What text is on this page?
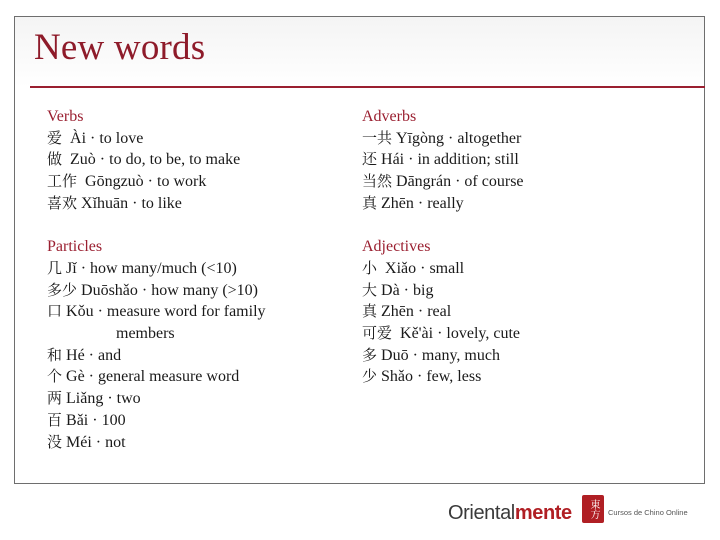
New words
Verbs
爱 Ài · to love
做 Zuò · to do, to be, to make
工作 Gōngzuò · to work
喜欢 Xǐhuān · to like
Particles
几 Jǐ · how many/much (<10)
多少 Duōshǎo · how many (>10)
口 Kǒu · measure word for family
members
和 Hé · and
个 Gè · general measure word
两 Liǎng · two
百 Bǎi · 100
没 Méi · not
Adverbs
一共 Yīgòng · altogether
还 Hái · in addition; still
当然 Dāngrán · of course
真 Zhēn · really
Adjectives
小 Xiǎo · small
大 Dà · big
真 Zhēn · real
可爱 Kě'ài · lovely, cute
多 Duō · many, much
少 Shǎo · few, less
Orientalmente	東方	Cursos de Chino Online
